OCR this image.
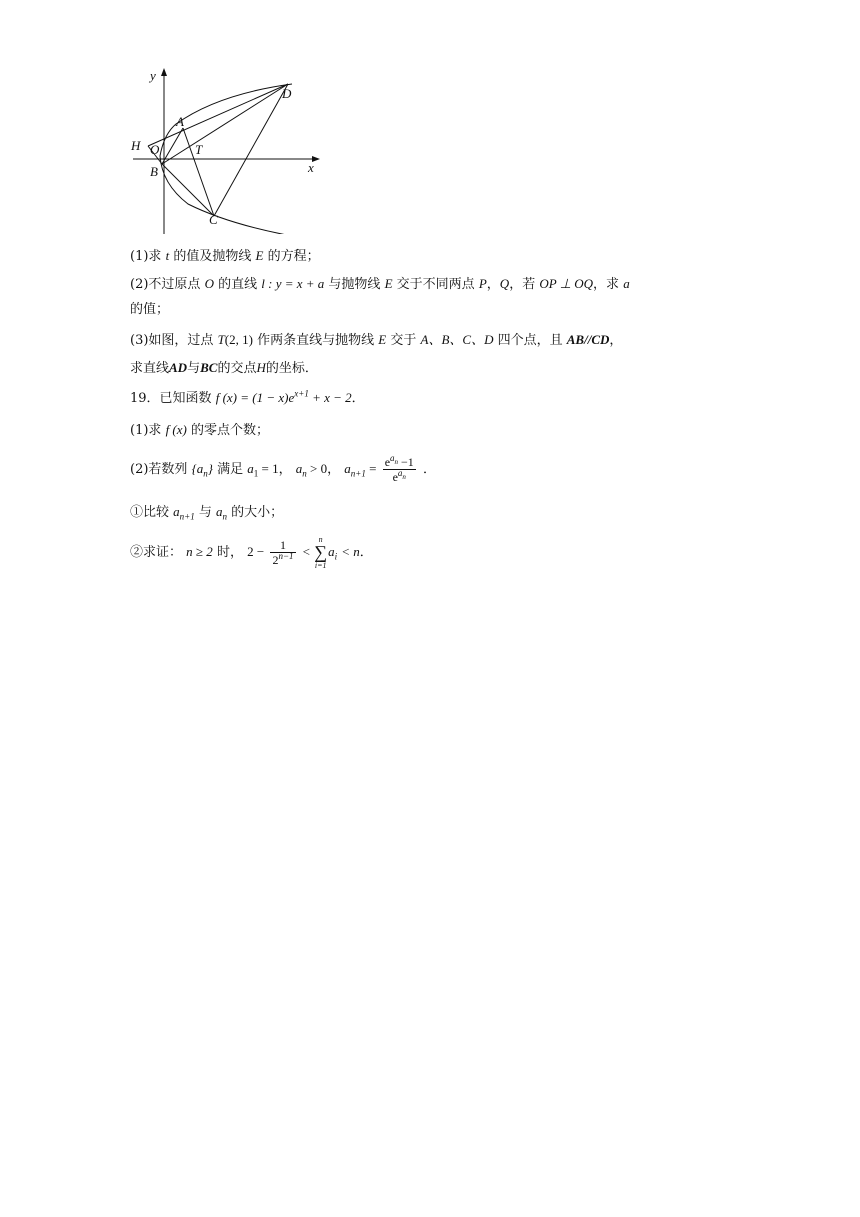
y
x
A
D
H O	T
B
C
(1)求 t 的值及抛物线 E 的方程；
(2)不过原点 O 的直线 l : y = x + a 与抛物线 E 交于不同两点 P，Q，若 OP ⊥ OQ，求 a
的值；
(3)如图，过点 T(2, 1) 作两条直线与抛物线 E 交于 A、B、C、D 四个点，且 AB//CD，
求直线AD与BC的交点H的坐标．
19．已知函数 f $(x) = (1 - x)e^{x+1} + x - 2$．
(1)求 f (x) 的零点个数；
(2)若数列 $\{a_n\}$ 满足 $a_1 = 1$， $a_n > 0$， $a_{n+1} = \frac{e^{a_n} -1}{e^{a_n}}$ ．
①比较 $a_{n+1}$ 与 $a_n$ 的大小；
②求证： n ≥ 2 时， $2 - \frac{1}{2^{n-1}}$ <
n
∑
i=1
$a_i < n$．
